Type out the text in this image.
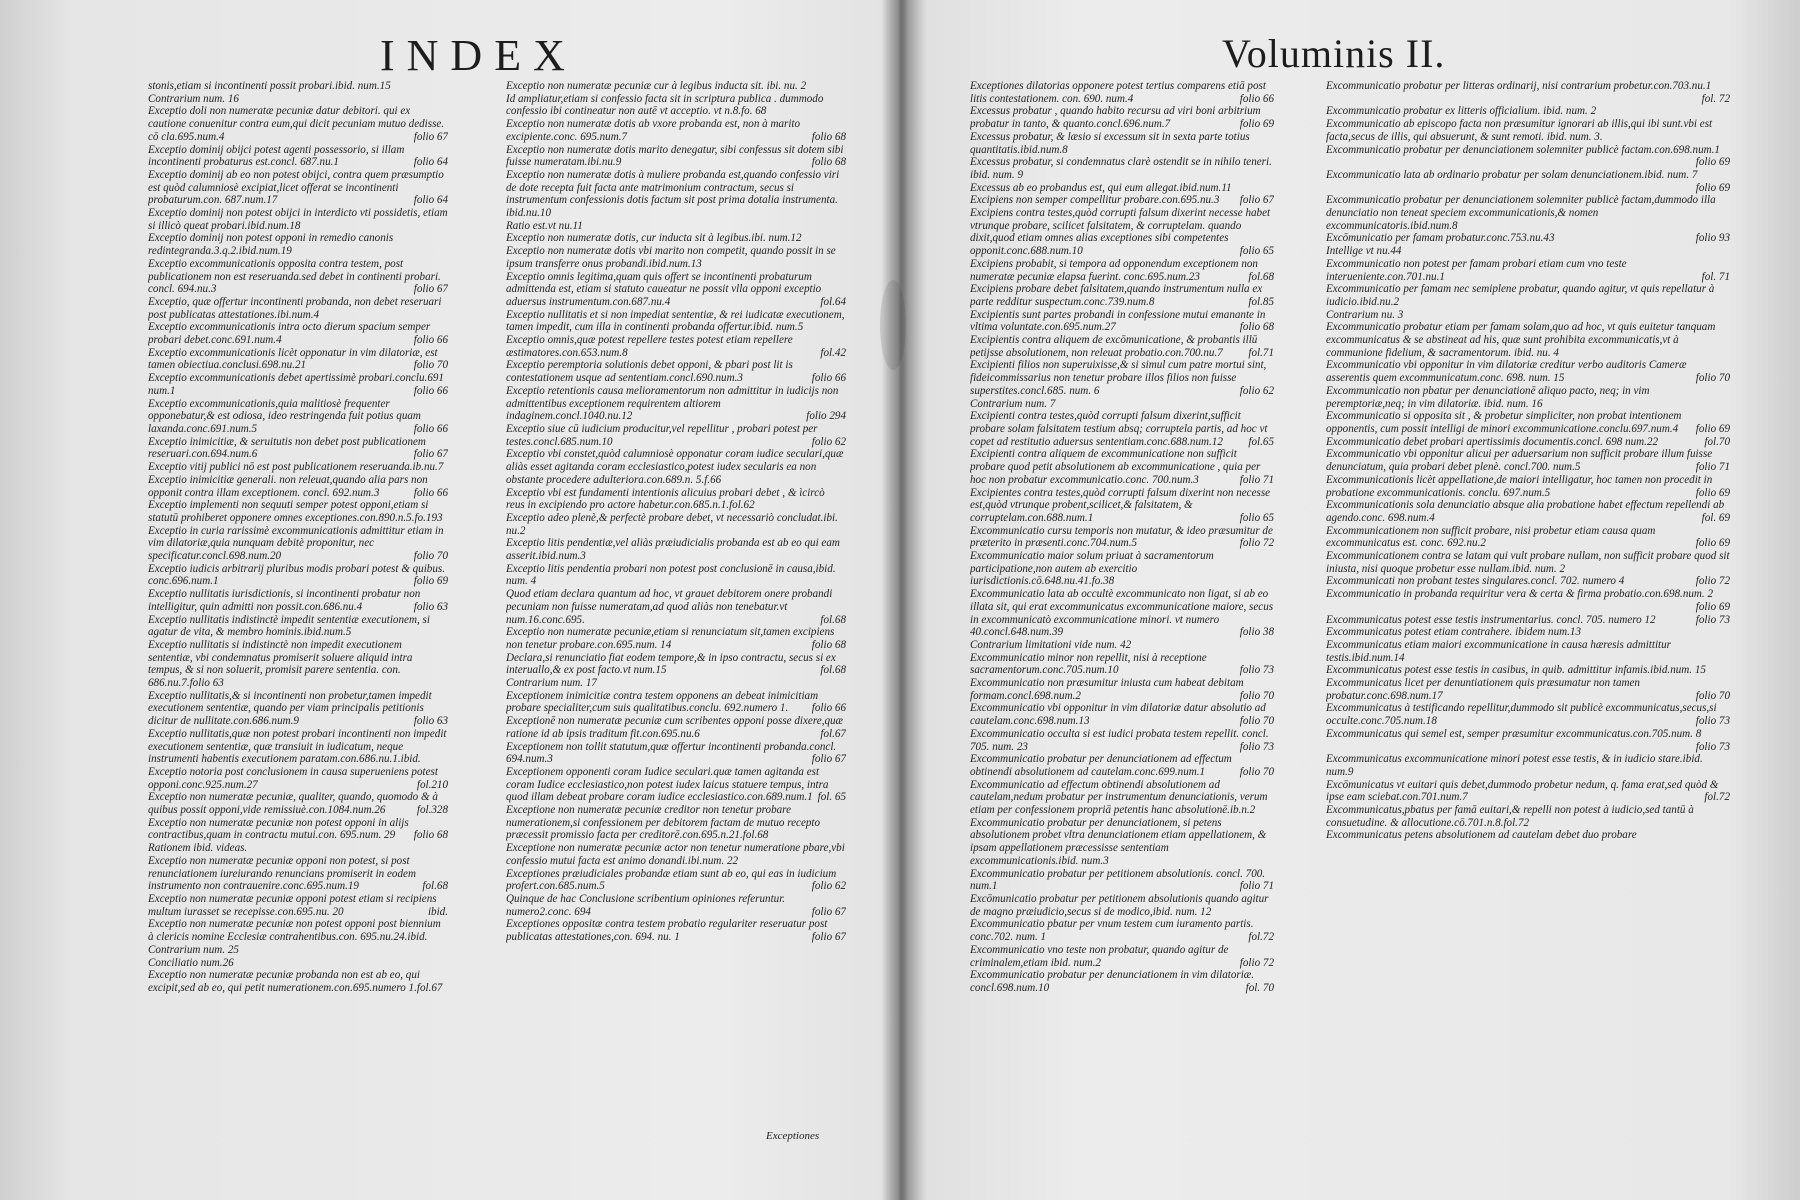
INDEX
stonis,etiam si incontinenti possit probari.ibid. num.15
Contrarium num. 16
Exceptio doli non numeratæ pecuniæ datur debitori. qui ex cautione conuenitur contra eum,qui dicit pecuniam mutuo dedisse. cō cla.695.num.4	folio 67
Exceptio dominij obijci potest agenti possessorio, si illam incontinenti probaturus est.concl. 687.nu.1	folio 64
Exceptio dominij ab eo non potest obijci, contra quem præsumptio est quòd calumniosè excipiat,licet offerat se incontinenti probaturum.con. 687.num.17	folio 64
Exceptio dominij non potest obijci in interdicto vti possidetis, etiam si illicò queat probari.ibid.num.18
Exceptio dominij non potest opponi in remedio canonis redintegranda.3.q.2.ibid.num.19
Exceptio excommunicationis opposita contra testem, post publicationem non est reseruanda.sed debet in continenti probari. concl. 694.nu.3	folio 67
Exceptio, quæ offertur incontinenti probanda, non debet reseruari post publicatas attestationes.ibi.num.4
Exceptio excommunicationis intra octo dierum spacium semper probari debet.conc.691.num.4	folio 66
Exceptio excommunicationis licèt opponatur in vim dilatoriæ, est tamen obiectiua.conclusi.698.nu.21	folio 70
Exceptio excommunicationis debet apertissimè probari.conclu.691 num.1	folio 66
Exceptio excommunicationis,quia malitiosè frequenter opponebatur,& est odiosa, ideo restringenda fuit potius quam laxanda.conc.691.num.5	folio 66
Exceptio inimicitiæ, & seruitutis non debet post publicationem reseruari.con.694.num.6	folio 67
Exceptio vitij publici nō est post publicationem reseruanda.ib.nu.7
Exceptio inimicitiæ generali. non releuat,quando alia pars non opponit contra illam exceptionem. concl. 692.num.3	folio 66
Exceptio implementi non sequuti semper potest opponi,etiam si statutū prohiberet opponere omnes exceptiones.con.890.n.5.fo.193
Exceptio in curia rarissimè excommunicationis admittitur etiam in vim dilatoriæ,quia nunquam debitè proponitur, nec specificatur.concl.698.num.20	folio 70
Exceptio iudicis arbitrarij pluribus modis probari potest & quibus. conc.696.num.1	folio 69
Exceptio nullitatis iurisdictionis, si incontinenti probatur non intelligitur, quin admitti non possit.con.686.nu.4	folio 63
Exceptio nullitatis indistinctè impedit sententiæ executionem, si agatur de vita, & membro hominis.ibid.num.5
Exceptio nullitatis si indistinctè non impedit executionem sententiæ, vbi condemnatus promiserit soluere aliquid intra tempus, & si non soluerit, promisit parere sententia. con. 686.nu.7.folio 63
Exceptio nullitatis,& si incontinenti non probetur,tamen impedit executionem sententiæ, quando per viam principalis petitionis dicitur de nullitate.con.686.num.9	folio 63
Exceptio nullitatis,quæ non potest probari incontinenti non impedit executionem sententiæ, quæ transiuit in iudicatum, neque instrumenti habentis executionem paratam.con.686.nu.1.ibid.
Exceptio notoria post conclusionem in causa superueniens potest opponi.conc.925.num.27	fol.210
Exceptio non numeratæ pecuniæ, qualiter, quando, quomodo & à quibus possit opponi,vide remissiuè.con.1084.num.26	fol.328
Exceptio non numeratæ pecuniæ non potest opponi in alijs contractibus,quam in contractu mutui.con. 695.num. 29 folio 68
Rationem ibid. videas.
Exceptio non numeratæ pecuniæ opponi non potest, si post renunciationem iureiurando renuncians promiserit in eodem instrumento non contrauenire.conc.695.num.19	fol.68
Exceptio non numeratæ pecuniæ opponi potest etiam si recipiens multum iurasset se recepisse.con.695.nu. 20	ibid.
Exceptio non numeratæ pecuniæ non potest opponi post biennium à clericis nomine Ecclesiæ contrahentibus.con. 695.nu.24.ibid.
Contrarium num. 25
Conciliatio num.26
Exceptio non numeratæ pecuniæ probanda non est ab eo, qui excipit,sed ab eo, qui petit numerationem.con.695.numero 1.fol.67
Exceptio non numeratæ pecuniæ cur à legibus inducta sit. ibi. nu. 2
Id ampliatur,etiam si confessio facta sit in scriptura publica . dummodo confessio ibi contineatur non autē vt acceptio. vt n.8.fo. 68
Exceptio non numeratæ dotis ab vxore probanda est, non à marito excipiente.conc. 695.num.7	folio 68
Exceptio non numeratæ dotis marito denegatur, sibi confessus sit dotem sibi fuisse numeratam.ibi.nu.9	folio 68
Exceptio non numeratæ dotis à muliere probanda est,quando confessio viri de dote recepta fuit facta ante matrimonium contractum, secus si instrumentum confessionis dotis factum sit post prima dotalia instrumenta. ibid.nu.10
Ratio est.vt nu.11
Exceptio non numeratæ dotis, cur inducta sit à legibus.ibi. num.12
Exceptio non numeratæ dotis vbi marito non competit, quando possit in se ipsum transferre onus probandi.ibid.num.13
Exceptio omnis legitima,quam quis offert se incontinenti probaturum admittenda est, etiam si statuto caueatur ne possit vlla opponi exceptio aduersus instrumentum.con.687.nu.4	fol.64
Exceptio nullitatis et si non impediat sententiæ, & rei iudicatæ executionem, tamen impedit, cum illa in continenti probanda offertur.ibid. num.5
Exceptio omnis,quæ potest repellere testes potest etiam repellere æstimatores.con.653.num.8	fol.42
Exceptio peremptoria solutionis debet opponi, & pbari post lit is contestationem usque ad sententiam.concl.690.num.3	folio 66
Exceptio retentionis causa melioramentorum non admittitur in iudicijs non admittentibus exceptionem requirentem altiorem indaginem.concl.1040.nu.12	folio 294
Exceptio siue cū iudicium producitur,vel repellitur , probari potest per testes.concl.685.num.10	folio 62
Exceptio vbi constet,quòd calumniosè opponatur coram iudice seculari,quæ aliàs esset agitanda coram ecclesiastico,potest iudex secularis ea non obstante procedere adulteriora.con.689.n. 5.f.66
Exceptio vbi est fundamenti intentionis alicuius probari debet , & ìcircò reus in excipiendo pro actore habetur.con.685.n.1.fol.62
Exceptio adeo plenè,& perfectè probare debet, vt necessariò concludat.ibi. nu.2
Exceptio litis pendentiæ,vel aliàs præiudicialis probanda est ab eo qui eam asserit.ibid.num.3
Exceptio litis pendentia probari non potest post conclusionē in causa,ibid. num. 4
Quod etiam declara quantum ad hoc, vt grauet debitorem onere probandi pecuniam non fuisse numeratam,ad quod aliàs non tenebatur.vt num.16.conc.695.	fol.68
Exceptio non numeratæ pecuniæ,etiam si renunciatum sit,tamen excipiens non tenetur probare.con.695.num. 14	folio 68
Declara,si renunciatio fiat eodem tempore,& in ipso contractu, secus si ex interuallo,& ex post facto.vt num.15	fol.68
Contrarium num. 17
Exceptionem inimicitiæ contra testem opponens an debeat inimicitiam probare specialiter,cum suis qualitatibus.conclu. 692.numero 1. folio 66
Exceptionē non numeratæ pecuniæ cum scribentes opponi posse dixere,quæ ratione id ab ipsis traditum fit.con.695.nu.6	fol.67
Exceptionem non tollit statutum,quæ offertur incontinenti probanda.concl. 694.num.3	folio 67
Exceptionem opponenti coram Iudice seculari.quæ tamen agitanda est coram Iudice ecclesiastico,non potest iudex laicus statuere tempus, intra quod illam debeat probare coram iudice ecclesiastico.con.689.num.1 fol. 65
Exceptione non numeratæ pecuniæ creditor non tenetur probare numerationem,si confessionem per debitorem factam de mutuo recepto præcessit promissio facta per creditorē.con.695.n.21.fol.68
Exceptione non numeratæ pecuniæ actor non tenetur numeratione pbare,vbi confessio mutui facta est animo donandi.ibi.num. 22
Exceptiones præiudiciales probandæ etiam sunt ab eo, qui eas in iudicium profert.con.685.num.5	folio 62
Quinque de hac Conclusione scribentium opiniones referuntur. numero2.conc. 694	folio 67
Exceptiones oppositæ contra testem probatio regulariter reseruatur post publicatas attestationes,con. 694. nu. 1	folio 67
Exceptiones
Voluminis II.
Exceptiones dilatorias opponere potest tertius comparens etiā post litis contestationem. con. 690. num.4	folio 66
Excessus probatur , quando habito recursu ad viri boni arbitrium probatur in tanto, & quanto.concl.696.num.7	folio 69
Excessus probatur, & læsio si excessum sit in sexta parte totius quantitatis.ibid.num.8
Excessus probatur, si condemnatus clarè ostendit se in nihilo teneri. ibid. num. 9
Excessus ab eo probandus est, qui eum allegat.ibid.num.11
Excipiens non semper compellitur probare.con.695.nu.3 folio 67
Excipiens contra testes,quòd corrupti falsum dixerint necesse habet vtrunque probare, scilicet falsitatem, & corruptelam. quando dixit,quod etiam omnes alias exceptiones sibi competentes opponit.conc.688.num.10	folio 65
Excipiens probabit, si tempora ad opponendum exceptionem non numeratæ pecuniæ elapsa fuerint. conc.695.num.23	fol.68
Excipiens probare debet falsitatem,quando instrumentum nulla ex parte redditur suspectum.conc.739.num.8	fol.85
Excipientis sunt partes probandi in confessione mutui emanante in vltima voluntate.con.695.num.27	folio 68
Excipientis contra aliquem de excōmunicatione, & probantis illū petijsse absolutionem, non releuat probatio.con.700.nu.7 fol.71
Excipienti filios non superuixisse,& si simul cum patre mortui sint, fideicommissarius non tenetur probare illos filios non fuisse superstites.concl.685. num. 6	folio 62
Contrarium num. 7
Excipienti contra testes,quòd corrupti falsum dixerint,sufficit probare solam falsitatem testium absq; corruptela partis, ad hoc vt copet ad restitutio aduersus sententiam.conc.688.num.12 fol.65
Excipienti contra aliquem de excommunicatione non sufficit probare quod petit absolutionem ab excommunicatione , quia per hoc non probatur excommunicatio.conc. 700.num.3	folio 71
Excipientes contra testes,quòd corrupti falsum dixerint non necesse est,quòd vtrunque probent,scilicet,& falsitatem, & corruptelam.con.688.num.1	folio 65
Excommunicatio cursu temporis non mutatur, & ideo præsumitur de præterito in præsenti.conc.704.num.5	folio 72
Excommunicatio maior solum priuat à sacramentorum participatione,non autem ab exercitio iurisdictionis.cō.648.nu.41.fo.38
Excommunicatio lata ab occultè excommunicato non ligat, si ab eo illata sit, qui erat excommunicatus excommunicatione maiore, secus in excommunicatò excommunicatione minori. vt numero 40.concl.648.num.39	folio 38
Contrarium limitationi vide num. 42
Excommunicatio minor non repellit, nisi à receptione sacramentorum.conc.705.num.10	folio 73
Excommunicatio non præsumitur iniusta cum habeat debitam formam.concl.698.num.2	folio 70
Excommunicatio vbi opponitur in vim dilatoriæ datur absolutio ad cautelam.conc.698.num.13	folio 70
Excommunicatio occulta si est iudici probata testem repellit. concl. 705. num. 23	folio 73
Excommunicatio probatur per denunciationem ad effectum obtinendi absolutionem ad cautelam.conc.699.num.1	folio 70
Excommunicatio ad effectum obtinendi absolutionem ad cautelam,nedum probatur per instrumentum denunciationis, verum etiam per confessionem propriā petentis hanc absolutionē.ib.n.2
Excommunicatio probatur per denunciationem, si petens absolutionem probet vltra denunciationem etiam appellationem, & ipsam appellationem præcessisse sententiam excommunicationis.ibid. num.3
Excommunicatio probatur per petitionem absolutionis. concl. 700. num.1	folio 71
Excōmunicatio probatur per petitionem absolutionis quando agitur de magno præiudicio,secus si de modico,ibid. num. 12
Excommunicatio pbatur per vnum testem cum iuramento partis. conc.702. num. 1	fol.72
Excommunicatio vno teste non probatur, quando agitur de criminalem,etiam ibid. num.2	folio 72
Excommunicatio probatur per denunciationem in vim dilatoriæ. concl.698.num.10	fol. 70
Excommunicatio probatur per litteras ordinarij, nisi contrarium probetur.con.703.nu.1
fol. 72
Excommunicatio probatur ex litteris officialium. ibid. num. 2
Excommunicatio ab episcopo facta non præsumitur ignorari ab illis,qui ibi sunt.vbi est facta,secus de illis, qui absuerunt, & sunt remoti. ibid. num. 3.
Excommunicatio probatur per denunciationem solemniter publicè factam.con.698.num.1
folio 69
Excommunicatio lata ab ordinario probatur per solam denunciationem.ibid. num. 7
folio 69
Excommunicatio probatur per denunciationem solemniter publicè factam,dummodo illa denunciatio non teneat speciem excommunicationis,& nomen excommunicatoris.ibid.num.8
Excōmunicatio per famam probatur.conc.753.nu.43	folio 93
Intellige vt nu.44
Excommunicatio non potest per famam probari etiam cum vno teste interueniente.con.701.nu.1	fol. 71
Excommunicatio per famam nec semiplene probatur, quando agitur, vt quis repellatur à iudicio.ibid.nu.2
Contrarium nu. 3
Excommunicatio probatur etiam per famam solam,quo ad hoc, vt quis euitetur tanquam excommunicatus & se abstineat ad his, quæ sunt prohibita excommunicatis,vt à communione fidelium, & sacramentorum. ibid. nu. 4
Excommunicatio vbi opponitur in vim dilatoriæ creditur verbo auditoris Cameræ asserentis quem excommunicatum.conc. 698. num. 15	folio 70
Excommunicatio non pbatur per denunciationē aliquo pacto, neq; in vim peremptoriæ,neq; in vim dilatoriæ. ibid. num. 16
Excommunicatio si opposita sit , & probetur simpliciter, non probat intentionem opponentis, cum possit intelligi de minori excommunicatione.conclu.697.num.4 folio 69
Excommunicatio debet probari apertissimis documentis.concl. 698 num.22	fol.70
Excommunicatio vbi opponitur alicui per aduersarium non sufficit probare illum fuisse denunciatum, quia probari debet plenè. concl.700. num.5	folio 71
Excommunicationis licèt appellatione,de maiori intelligatur, hoc tamen non procedit in probatione excommunicationis. conclu. 697.num.5	folio 69
Excommunicationis sola denunciatio absque alia probatione habet effectum repellendi ab agendo.conc. 698.num.4	fol. 69
Excommunicationem non sufficit probare, nisi probetur etiam causa quam excommunicatus est. conc. 692.nu.2	folio 69
Excommunicationem contra se latam qui vult probare nullam, non sufficit probare quod sit iniusta, nisi quoque probetur esse nullam.ibid. num. 2
Excommunicati non probant testes singulares.concl. 702. numero 4	folio 72
Excommunicatio in probanda requiritur vera & certa & firma probatio.con.698.num. 2
folio 69
Excommunicatus potest esse testis instrumentarius. concl. 705. numero 12	folio 73
Excommunicatus potest etiam contrahere. ibidem num.13
Excommunicatus etiam maiori excommunicatione in causa hæresis admittitur testis.ibid.num.14
Excommunicatus potest esse testis in casibus, in quib. admittitur infamis.ibid.num. 15
Excommunicatus licet per denuntiationem quis præsumatur non tamen probatur.conc.698.num.17	folio 70
Excommunicatus à testificando repellitur,dummodo sit publicè excommunicatus,secus,si occulte.conc.705.num.18	folio 73
Excommunicatus qui semel est, semper præsumitur excommunicatus.con.705.num. 8
folio 73
Excommunicatus excommunicatione minori potest esse testis, & in iudicio stare.ibid. num.9
Excōmunicatus vt euitari quis debet,dummodo probetur nedum, q. fama erat,sed quòd & ipse eam sciebat.con.701.num.7	fol.72
Excommunicatus,pbatus per famā euitari,& repelli non potest à iudicio,sed tantū à consuetudine. & allocutione.cō.701.n.8.fol.72
Excommunicatus petens absolutionem ad cautelam debet duo probare
